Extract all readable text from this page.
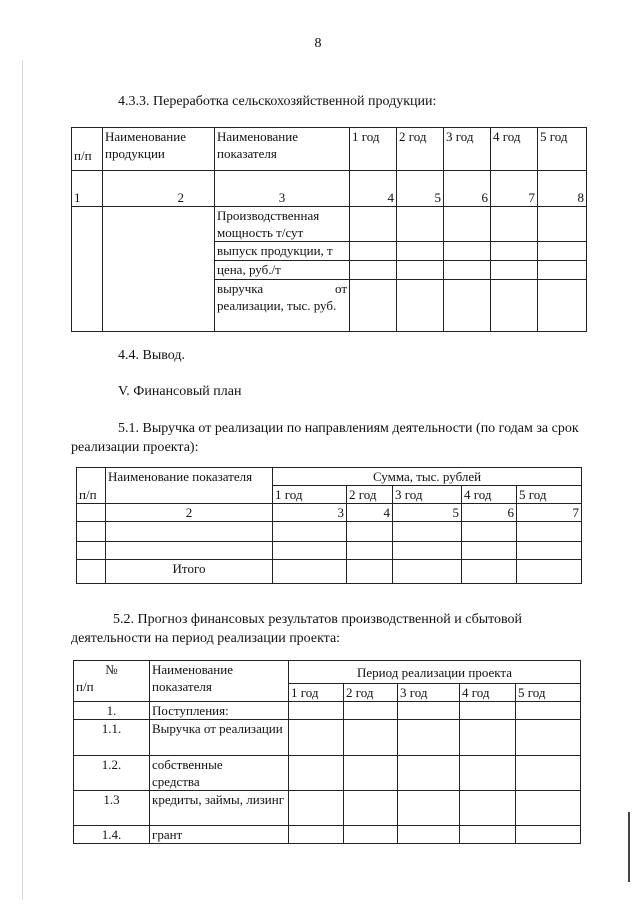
8

4.3.3. Переработка сельскохозяйственной продукции:

п/п	Наименование продукции	Наименование показателя	1 год	2 год	3 год	4 год	5 год
1	2	3	4	5	6	7	8
		Производственная мощность т/сут					
		выпуск продукции, т					
		цена, руб./т					
		выручка от реализации, тыс. руб.					

4.4. Вывод.

V. Финансовый план

5.1. Выручка от реализации по направлениям деятельности (по годам за срок реализации проекта):

п/п	Наименование показателя	Сумма, тыс. рублей				
		1 год	2 год	3 год	4 год	5 год
	2	3	4	5	6	7

	Итого					

5.2. Прогноз финансовых результатов производственной и сбытовой деятельности на период реализации проекта:

№
п/п	Наименование показателя	Период реализации проекта				
		1 год	2 год	3 год	4 год	5 год
1.	Поступления:					
1.1.	Выручка от реализации					
1.2.	собственные средства					

1.3	кредиты, займы, лизинг					
1.4.	грант					
